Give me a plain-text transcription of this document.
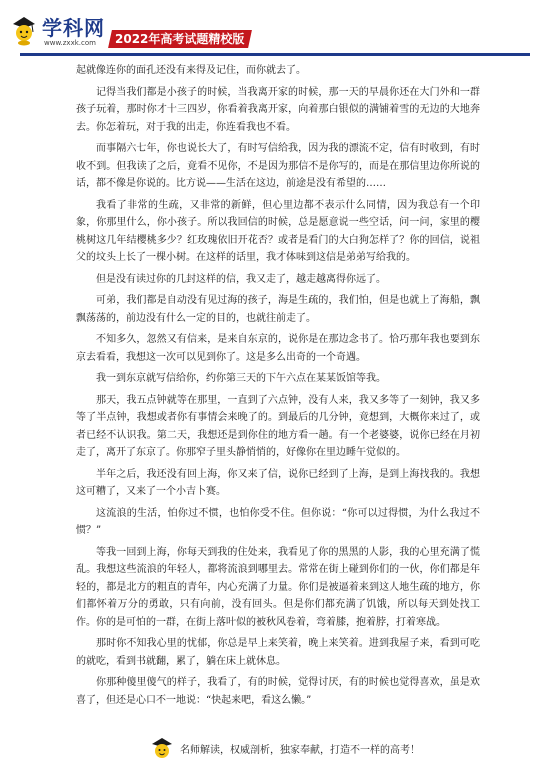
学科网
www.zxxk.com	2022年高考试题精校版

起就像连你的面孔还没有来得及记住，而你就去了。

记得当我们都是小孩子的时候，当我离开家的时候，那一天的早晨你还在大门外和一群孩子玩着，那时你才十三四岁，你看着我离开家，向着那白银似的满铺着雪的无边的大地奔去。你怎着玩，对于我的出走，你连看我也不看。

而事隔六七年，你也说长大了，有时写信给我，因为我的漂流不定，信有时收到，有时收不到。但我读了之后，竟看不见你，不是因为那信不是你写的，而是在那信里边你所说的话，都不像是你说的。比方说——生活在这边，前途是没有希望的……

我看了非常的生疏，又非常的新鲜，但心里边都不表示什么同情，因为我总有一个印象，你那里什么，你小孩子。所以我回信的时候，总是愿意说一些空话，问一问，家里的樱桃树这几年结樱桃多少？红玫瑰依旧开花否？或者是看门的大白狗怎样了？你的回信，说祖父的坟头上长了一棵小树。在这样的话里，我才体味到这信是弟弟写给我的。

但是没有读过你的几封这样的信，我又走了，越走越离得你远了。

可弟，我们都是自动没有见过海的孩子，海是生疏的，我们怕，但是也就上了海船，飘飘荡荡的，前边没有什么一定的目的，也就往前走了。

不知多久，忽然又有信来，是来自东京的，说你是在那边念书了。恰巧那年我也要到东京去看看，我想这一次可以见到你了。这是多么出奇的一个奇遇。

我一到东京就写信给你，约你第三天的下午六点在某某饭馆等我。

那天，我五点钟就等在那里，一直到了六点钟，没有人来，我又多等了一刻钟，我又多等了半点钟，我想或者你有事情会来晚了的。到最后的几分钟，竟想到，大概你来过了，或者已经不认识我。第二天，我想还是到你住的地方看一趟。有一个老婆婆，说你已经在月初走了，离开了东京了。你那窄子里头静悄悄的，好像你在里边睡午觉似的。

半年之后，我还没有回上海，你又来了信，说你已经到了上海，是到上海找我的。我想这可糟了，又来了一个小吉卜赛。

这流浪的生活，怕你过不惯，也怕你受不住。但你说：“你可以过得惯，为什么我过不惯？”

等我一回到上海，你每天到我的住处来，我看见了你的黑黑的人影，我的心里充满了慌乱。我想这些流浪的年轻人，都将流浪到哪里去。常常在街上碰到你们的一伙，你们都是年轻的，都是北方的粗直的青年，内心充满了力量。你们是被逼着来到这人地生疏的地方，你们都怀着万分的勇敢，只有向前，没有回头。但是你们都充满了饥饿，所以每天到处找工作。你的是可怕的一群，在街上落叶似的被秋风卷着，弯着膝，抱着脖，打着寒战。

那时你不知我心里的忧郁，你总是早上来笑着，晚上来笑着。进到我屋子来，看到可吃的就吃，看到书就翻，累了，躺在床上就休息。

你那种傻里傻气的样子，我看了，有的时候，觉得讨厌，有的时候也觉得喜欢，虽是欢喜了，但还是心口不一地说：“快起来吧，看这么懒。”

名师解读，权威剖析，独家奉献，打造不一样的高考！
